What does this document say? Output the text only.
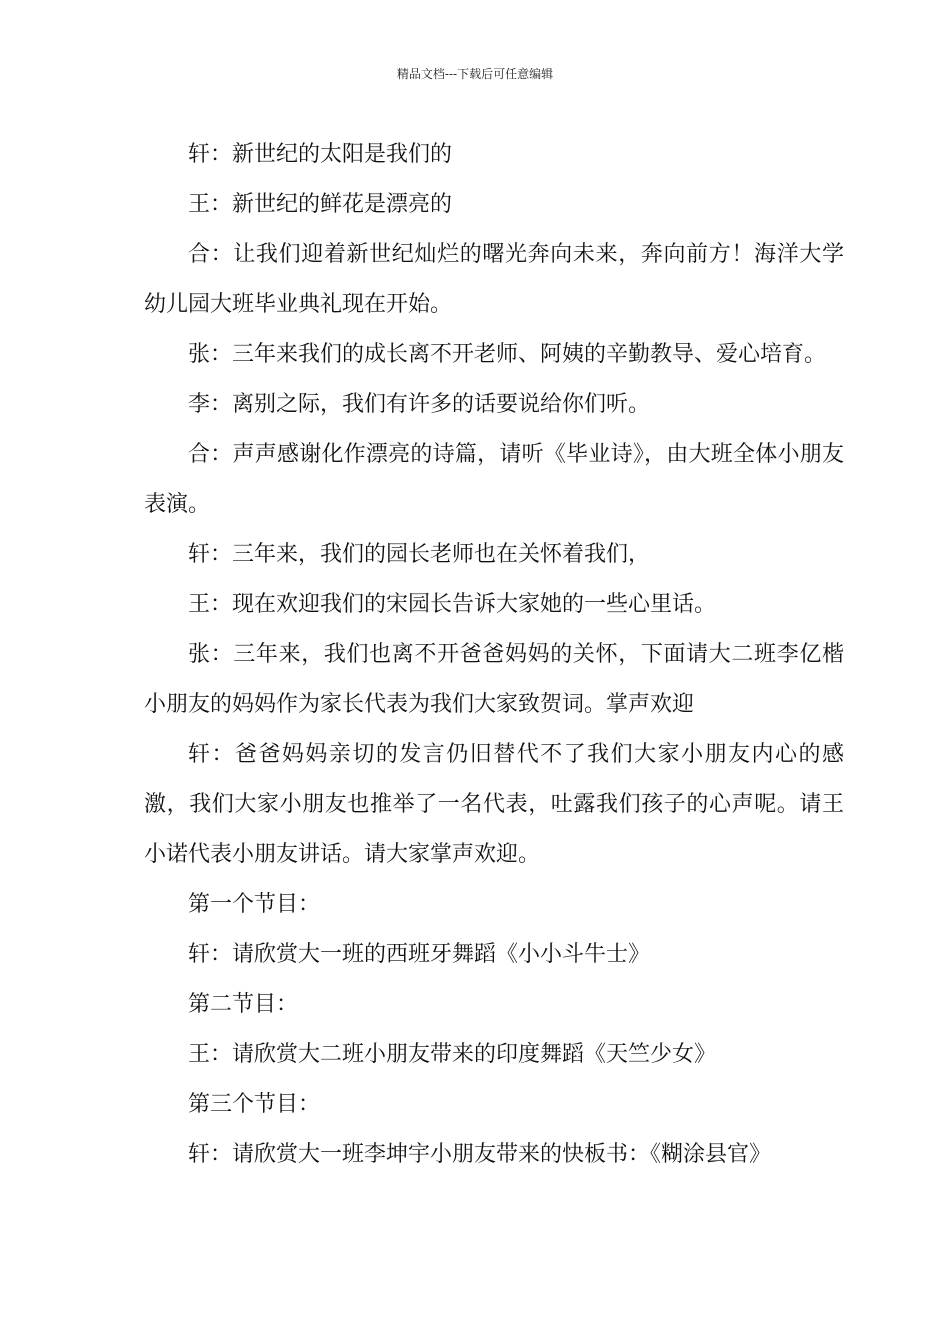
精品文档---下载后可任意编辑

轩：新世纪的太阳是我们的

王：新世纪的鲜花是漂亮的

合：让我们迎着新世纪灿烂的曙光奔向未来，奔向前方！海洋大学幼儿园大班毕业典礼现在开始。

张：三年来我们的成长离不开老师、阿姨的辛勤教导、爱心培育。

李：离别之际，我们有许多的话要说给你们听。

合：声声感谢化作漂亮的诗篇，请听《毕业诗》，由大班全体小朋友表演。

轩：三年来，我们的园长老师也在关怀着我们，

王：现在欢迎我们的宋园长告诉大家她的一些心里话。

张：三年来，我们也离不开爸爸妈妈的关怀，下面请大二班李亿楷小朋友的妈妈作为家长代表为我们大家致贺词。掌声欢迎

轩：爸爸妈妈亲切的发言仍旧替代不了我们大家小朋友内心的感激，我们大家小朋友也推举了一名代表，吐露我们孩子的心声呢。请王小诺代表小朋友讲话。请大家掌声欢迎。

第一个节目：

轩：请欣赏大一班的西班牙舞蹈《小小斗牛士》

第二节目：

王：请欣赏大二班小朋友带来的印度舞蹈《天竺少女》

第三个节目：

轩：请欣赏大一班李坤宇小朋友带来的快板书：《糊涂县官》
